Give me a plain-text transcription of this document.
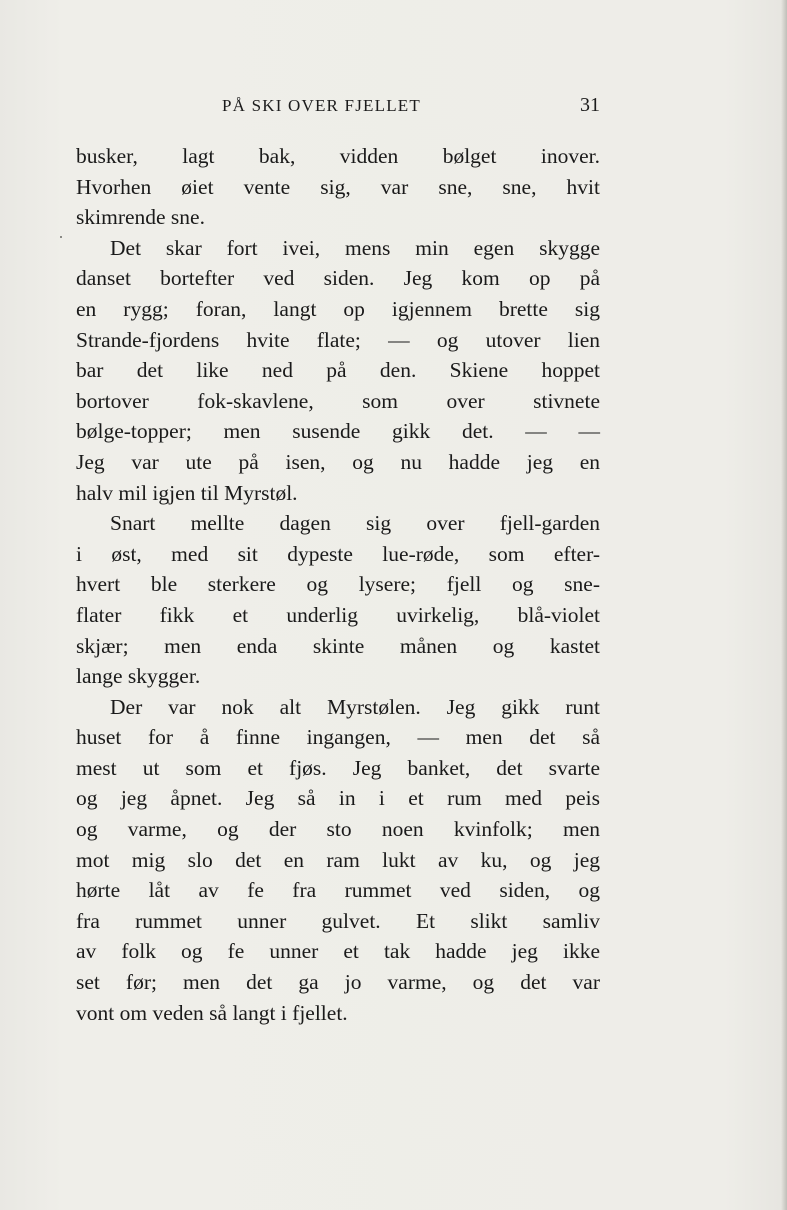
PÅ SKI OVER FJELLET	31
busker, lagt bak, vidden bølget inover.
Hvorhen øiet vente sig, var sne, sne, hvit
skimrende sne.
Det skar fort ivei, mens min egen skygge
danset bortefter ved siden. Jeg kom op på
en rygg; foran, langt op igjennem brette sig
Strande-fjordens hvite flate; — og utover lien
bar det like ned på den. Skiene hoppet
bortover fok-skavlene, som over stivnete
bølge-topper; men susende gikk det. — —
Jeg var ute på isen, og nu hadde jeg en
halv mil igjen til Myrstøl.
Snart mellte dagen sig over fjell-garden
i øst, med sit dypeste lue-røde, som efter-
hvert ble sterkere og lysere; fjell og sne-
flater fikk et underlig uvirkelig, blå-violet
skjær; men enda skinte månen og kastet
lange skygger.
Der var nok alt Myrstølen. Jeg gikk runt
huset for å finne ingangen, — men det så
mest ut som et fjøs. Jeg banket, det svarte
og jeg åpnet. Jeg så in i et rum med peis
og varme, og der sto noen kvinfolk; men
mot mig slo det en ram lukt av ku, og jeg
hørte låt av fe fra rummet ved siden, og
fra rummet unner gulvet. Et slikt samliv
av folk og fe unner et tak hadde jeg ikke
set før; men det ga jo varme, og det var
vont om veden så langt i fjellet.
